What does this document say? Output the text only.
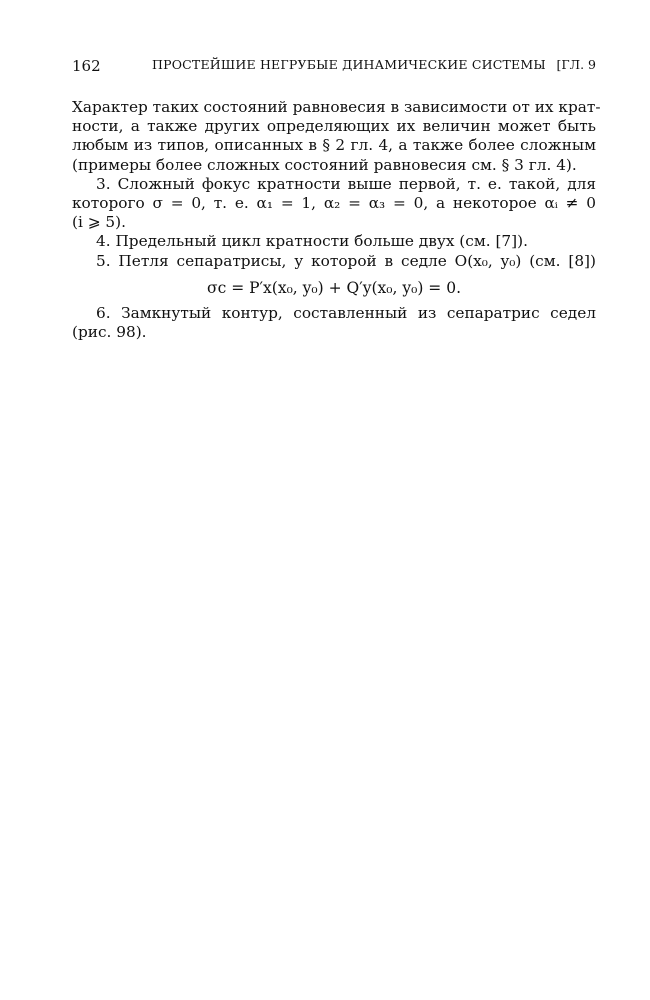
162	ПРОСТЕЙШИЕ НЕГРУБЫЕ ДИНАМИЧЕСКИЕ СИСТЕМЫ [ГЛ. 9

Характер таких состояний равновесия в зависимости от их крат-
ности, а также других определяющих их величин может быть
любым из типов, описанных в § 2 гл. 4, а также более сложным
(примеры более сложных состояний равновесия см. § 3 гл. 4).

3. Сложный фокус кратности выше первой, т. е. такой, для
которого σ = 0, т. е. α₁ = 1, α₂ = α₃ = 0, а некоторое αᵢ ≠ 0
(i ⩾ 5).

4. Предельный цикл кратности больше двух (см. [7]).

5. Петля сепаратрисы, у которой в седле O(x₀, y₀) (см. [8])

σc = P′x(x₀, y₀) + Q′y(x₀, y₀) = 0.

6. Замкнутый контур, составленный из сепаратрис седел
(рис. 98).
